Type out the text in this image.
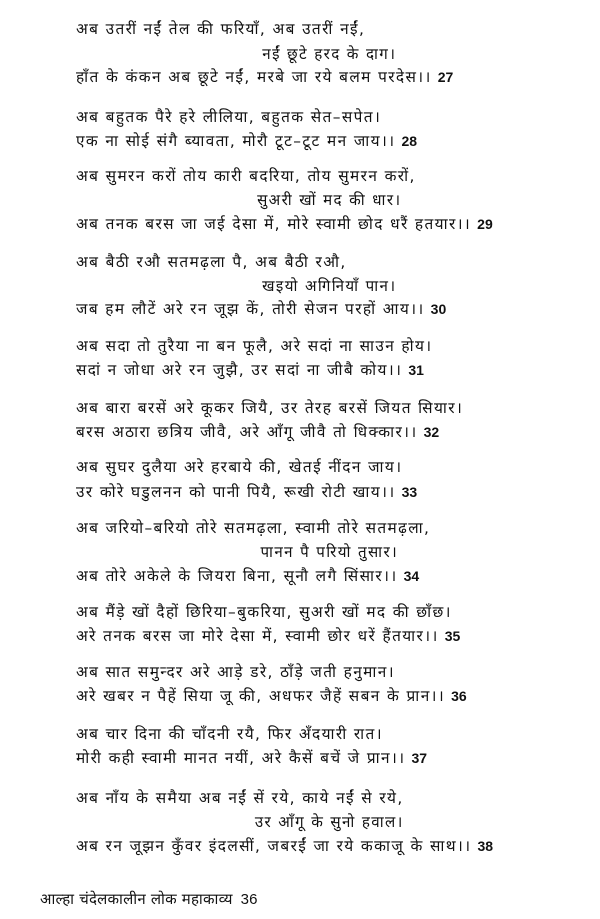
अब उतरीं नईं तेल की फरियाँ, अब उतरीं नईं,
नईं छूटे हरद के दाग।
हाँत के कंकन अब छूटे नईं, मरबे जा रये बलम परदेस।। 27
अब बहुतक पैरे हरे लीलिया, बहुतक सेत–सपेत।
एक ना सोई संगै ब्यावता, मोरौ टूट–टूट मन जाय।। 28
अब सुमरन करों तोय कारी बदरिया, तोय सुमरन करों,
सुअरी खों मद की धार।
अब तनक बरस जा जई देसा में, मोरे स्वामी छोद धरैं हतयार।। 29
अब बैठी रऔ सतमढ़ला पै, अब बैठी रऔ,
खइयो अगिनियाँ पान।
जब हम लौटें अरे रन जूझ कें, तोरी सेजन परहों आय।। 30
अब सदा तो तुरैया ना बन फूलै, अरे सदां ना साउन होय।
सदां न जोधा अरे रन जुझै, उर सदां ना जीबै कोय।। 31
अब बारा बरसें अरे कूकर जियै, उर तेरह बरसें जियत सियार।
बरस अठारा छत्रिय जीवै, अरे आँगू जीवै तो धिक्कार।। 32
अब सुघर दुलैया अरे हरबाये की, खेतई नींदन जाय।
उर कोरे घडुलनन को पानी पियै, रूखी रोटी खाय।। 33
अब जरियो–बरियो तोरे सतमढ़ला, स्वामी तोरे सतमढ़ला,
पानन पै परियो तुसार।
अब तोरे अकेले के जियरा बिना, सूनौ लगै सिंसार।। 34
अब मैंड़े खों दैहों छिरिया–बुकरिया, सुअरी खों मद की छाँछ।
अरे तनक बरस जा मोरे देसा में, स्वामी छोर धरें हैंतयार।। 35
अब सात समुन्दर अरे आड़े डरे, ठाँड़े जती हनुमान।
अरे खबर न पैहें सिया जू की, अधफर जैहें सबन के प्रान।। 36
अब चार दिना की चाँदनी रयै, फिर अँदयारी रात।
मोरी कही स्वामी मानत नयीं, अरे कैसें बचें जे प्रान।। 37
अब नाँय के समैया अब नईं सें रये, काये नईं से रये,
उर आँगू के सुनो हवाल।
अब रन जूझन कुँवर इंदलसीं, जबरईं जा रये ककाजू के साथ।। 38
आल्हा चंदेलकालीन लोक महाकाव्य 36
